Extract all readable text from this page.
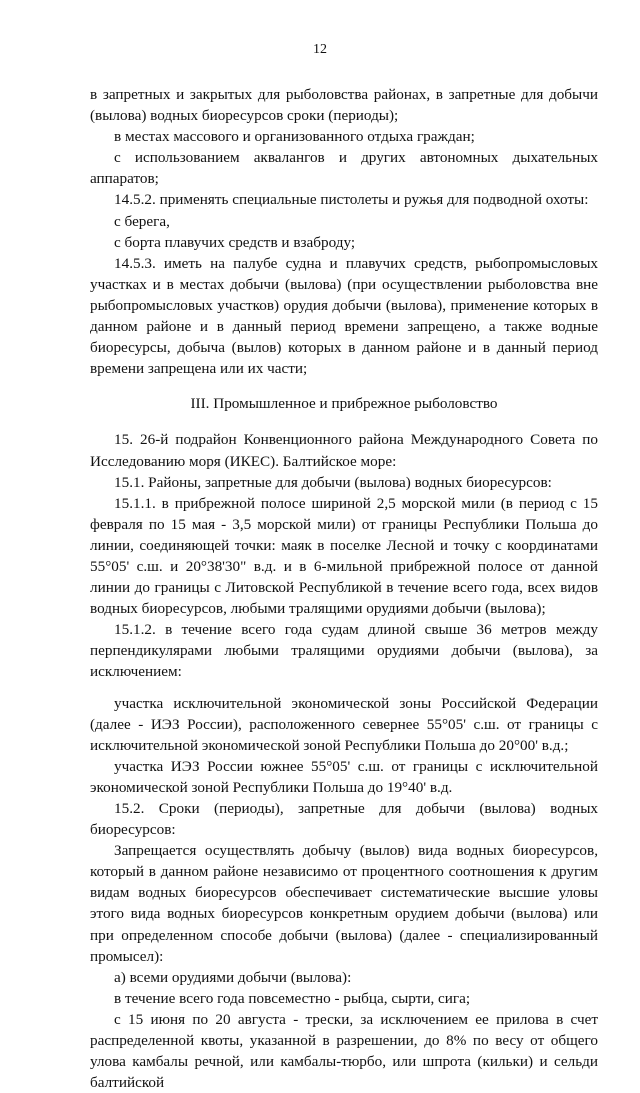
12

в запретных и закрытых для рыболовства районах, в запретные для добычи (вылова) водных биоресурсов сроки (периоды);

в местах массового и организованного отдыха граждан;

с использованием аквалангов и других автономных дыхательных аппаратов;

14.5.2. применять специальные пистолеты и ружья для подводной охоты:

с берега,

с борта плавучих средств и взаброду;

14.5.3. иметь на палубе судна и плавучих средств, рыбопромысловых участках и в местах добычи (вылова) (при осуществлении рыболовства вне рыбопромысловых участков) орудия добычи (вылова), применение которых в данном районе и в данный период времени запрещено, а также водные биоресурсы, добыча (вылов) которых в данном районе и в данный период времени запрещена или их части;

III. Промышленное и прибрежное рыболовство

15. 26-й подрайон Конвенционного района Международного Совета по Исследованию моря (ИКЕС). Балтийское море:

15.1. Районы, запретные для добычи (вылова) водных биоресурсов:

15.1.1. в прибрежной полосе шириной 2,5 морской мили (в период с 15 февраля по 15 мая - 3,5 морской мили) от границы Республики Польша до линии, соединяющей точки: маяк в поселке Лесной и точку с координатами 55°05' с.ш. и 20°38'30" в.д. и в 6-мильной прибрежной полосе от данной линии до границы с Литовской Республикой в течение всего года, всех видов водных биоресурсов, любыми тралящими орудиями добычи (вылова);

15.1.2. в течение всего года судам длиной свыше 36 метров между перпендикулярами любыми тралящими орудиями добычи (вылова), за исключением:

участка исключительной экономической зоны Российской Федерации (далее - ИЭЗ России), расположенного севернее 55°05' с.ш. от границы с исключительной экономической зоной Республики Польша до 20°00' в.д.;

участка ИЭЗ России южнее 55°05' с.ш. от границы с исключительной экономической зоной Республики Польша до 19°40' в.д.

15.2. Сроки (периоды), запретные для добычи (вылова) водных биоресурсов:

Запрещается осуществлять добычу (вылов) вида водных биоресурсов, который в данном районе независимо от процентного соотношения к другим видам водных биоресурсов обеспечивает систематические высшие уловы этого вида водных биоресурсов конкретным орудием добычи (вылова) или при определенном способе добычи (вылова) (далее - специализированный промысел):

а) всеми орудиями добычи (вылова):

в течение всего года повсеместно - рыбца, сырти, сига;

с 15 июня по 20 августа - трески, за исключением ее прилова в счет распределенной квоты, указанной в разрешении, до 8% по весу от общего улова камбалы речной, или камбалы-тюрбо, или шпрота (кильки) и сельди балтийской
